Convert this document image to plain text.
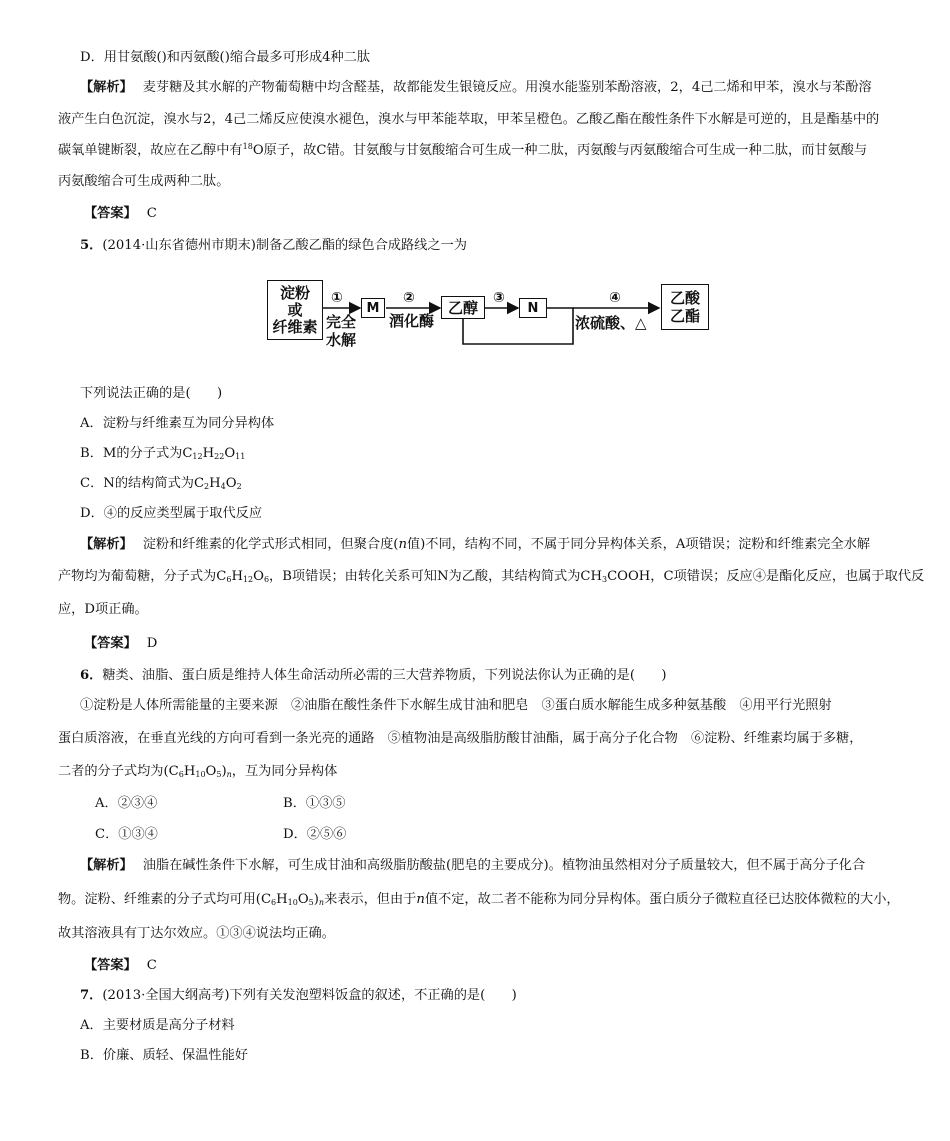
D．用甘氨酸()和丙氨酸()缩合最多可形成4种二肽
【解析】 麦芽糖及其水解的产物葡萄糖中均含醛基，故都能发生银镜反应。用溴水能鉴别苯酚溶液，2，4己二烯和甲苯，溴水与苯酚溶
液产生白色沉淀，溴水与2，4己二烯反应使溴水褪色，溴水与甲苯能萃取，甲苯呈橙色。乙酸乙酯在酸性条件下水解是可逆的，且是酯基中的
碳氧单键断裂，故应在乙醇中有$^{18}$O原子，故C错。甘氨酸与甘氨酸缩合可生成一种二肽，丙氨酸与丙氨酸缩合可生成一种二肽，而甘氨酸与
丙氨酸缩合可生成两种二肽。
【答案】 C
5．(2014·山东省德州市期末)制备乙酸乙酯的绿色合成路线之一为
淀粉
或
纤维素
①
完全
水解
M
②
酒化酶
乙醇
③
N
④
浓硫酸、△
乙酸
乙酯
下列说法正确的是(　　)
A．淀粉与纤维素互为同分异构体
B．M的分子式为$C_{12}H_{22}O_{11}$
C．N的结构简式为$C_2H_4O_2$
D．④的反应类型属于取代反应
【解析】 淀粉和纤维素的化学式形式相同，但聚合度(n值)不同，结构不同，不属于同分异构体关系，A项错误；淀粉和纤维素完全水解
产物均为葡萄糖，分子式为$C_6H_{12}O_6$，B项错误；由转化关系可知N为乙酸，其结构简式为$CH_3COOH$，C项错误；反应④是酯化反应，也属于取代反
应，D项正确。
【答案】 D
6．糖类、油脂、蛋白质是维持人体生命活动所必需的三大营养物质，下列说法你认为正确的是(　　)
①淀粉是人体所需能量的主要来源　②油脂在酸性条件下水解生成甘油和肥皂　③蛋白质水解能生成多种氨基酸　④用平行光照射
蛋白质溶液，在垂直光线的方向可看到一条光亮的通路　⑤植物油是高级脂肪酸甘油酯，属于高分子化合物　⑥淀粉、纤维素均属于多糖，
二者的分子式均为$(C_6H_{10}O_5)_n$，互为同分异构体
A．②③④	B．①③⑤
C．①③④	D．②⑤⑥
【解析】 油脂在碱性条件下水解，可生成甘油和高级脂肪酸盐(肥皂的主要成分)。植物油虽然相对分子质量较大，但不属于高分子化合
物。淀粉、纤维素的分子式均可用$(C_6H_{10}O_5)_n$来表示，但由于n值不定，故二者不能称为同分异构体。蛋白质分子微粒直径已达胶体微粒的大小，
故其溶液具有丁达尔效应。①③④说法均正确。
【答案】 C
7．(2013·全国大纲高考)下列有关发泡塑料饭盒的叙述，不正确的是(　　)
A．主要材质是高分子材料
B．价廉、质轻、保温性能好
